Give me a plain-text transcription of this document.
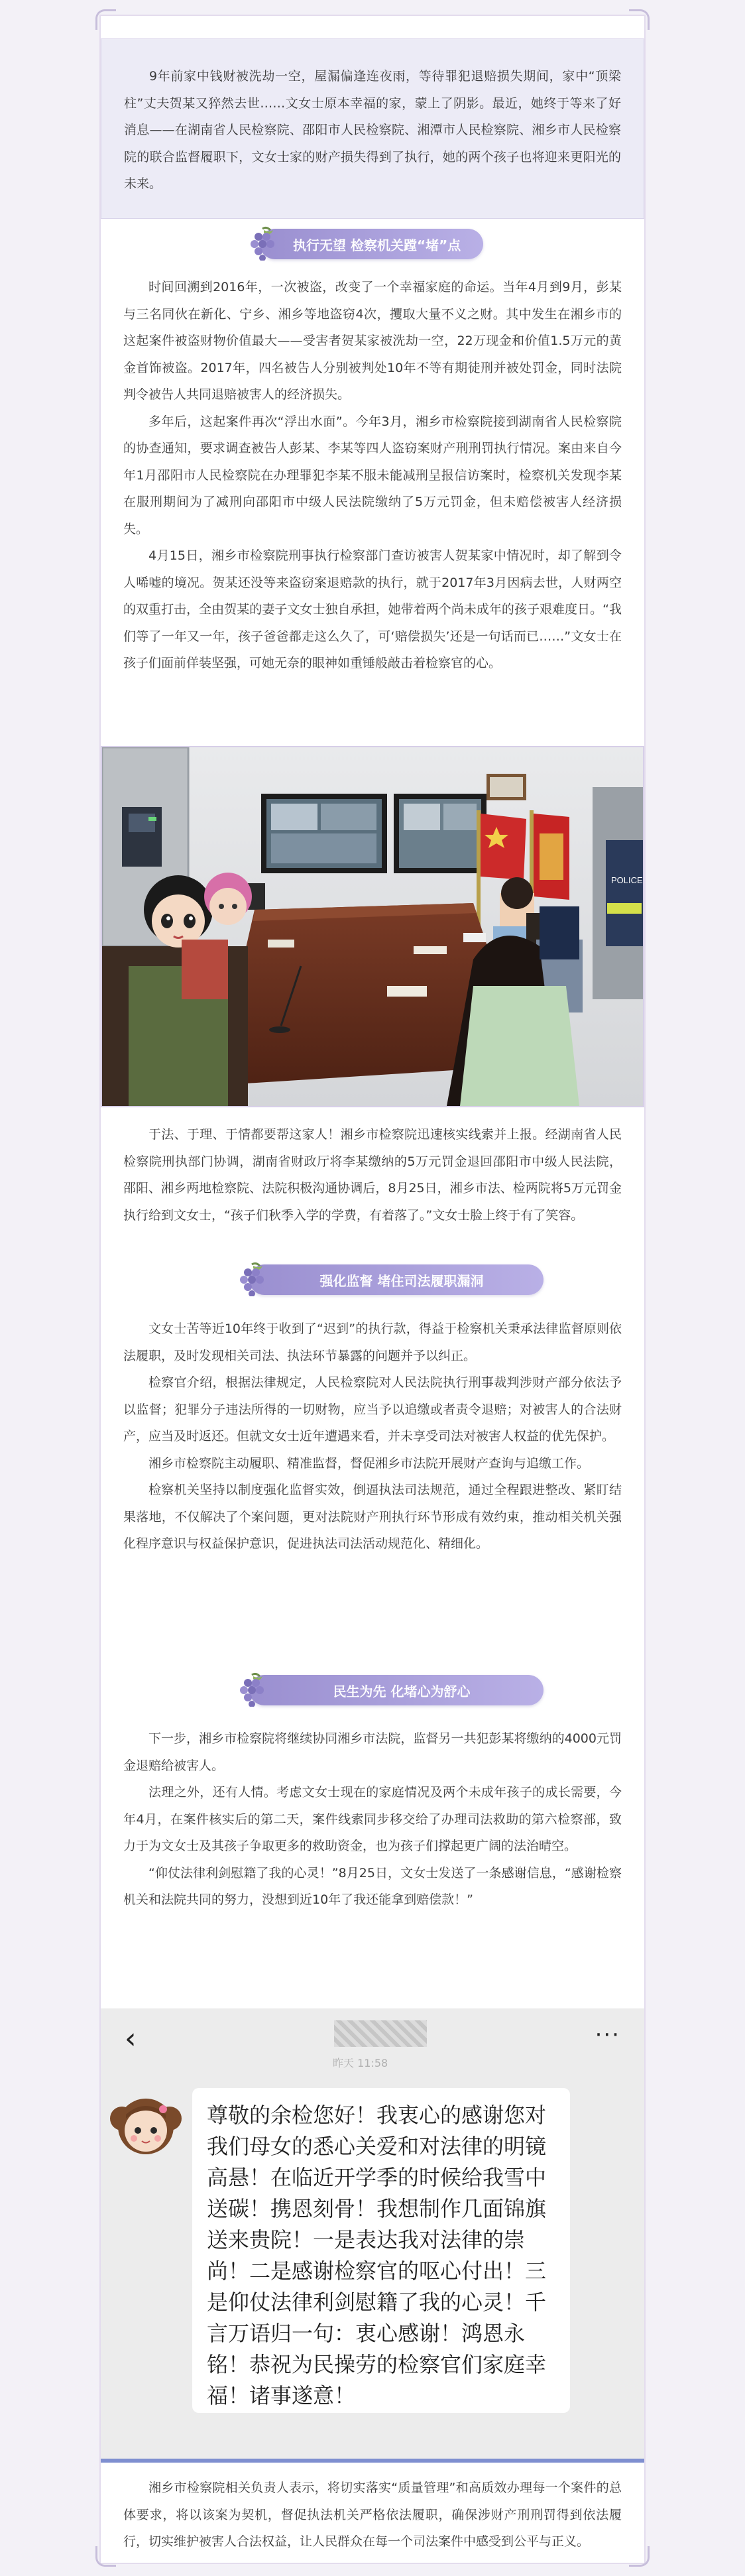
9年前家中钱财被洗劫一空，屋漏偏逢连夜雨，等待罪犯退赔损失期间，家中“顶梁柱”丈夫贺某又猝然去世……文女士原本幸福的家，蒙上了阴影。最近，她终于等来了好消息——在湖南省人民检察院、邵阳市人民检察院、湘潭市人民检察院、湘乡市人民检察院的联合监督履职下，文女士家的财产损失得到了执行，她的两个孩子也将迎来更阳光的未来。

执行无望 检察机关蹚“堵”点

时间回溯到2016年，一次被盗，改变了一个幸福家庭的命运。当年4月到9月，彭某与三名同伙在新化、宁乡、湘乡等地盗窃4次，攫取大量不义之财。其中发生在湘乡市的这起案件被盗财物价值最大——受害者贺某家被洗劫一空，22万现金和价值1.5万元的黄金首饰被盗。2017年，四名被告人分别被判处10年不等有期徒刑并被处罚金，同时法院判令被告人共同退赔被害人的经济损失。

多年后，这起案件再次“浮出水面”。今年3月，湘乡市检察院接到湖南省人民检察院的协查通知，要求调查被告人彭某、李某等四人盗窃案财产刑刑罚执行情况。案由来自今年1月邵阳市人民检察院在办理罪犯李某不服未能减刑呈报信访案时，检察机关发现李某在服刑期间为了减刑向邵阳市中级人民法院缴纳了5万元罚金，但未赔偿被害人经济损失。

4月15日，湘乡市检察院刑事执行检察部门查访被害人贺某家中情况时，却了解到令人唏嘘的境况。贺某还没等来盗窃案退赔款的执行，就于2017年3月因病去世，人财两空的双重打击，全由贺某的妻子文女士独自承担，她带着两个尚未成年的孩子艰难度日。“我们等了一年又一年，孩子爸爸都走这么久了，可‘赔偿损失’还是一句话而已……”文女士在孩子们面前佯装坚强，可她无奈的眼神如重锤般敲击着检察官的心。

POLICE

于法、于理、于情都要帮这家人！湘乡市检察院迅速核实线索并上报。经湖南省人民检察院刑执部门协调，湖南省财政厅将李某缴纳的5万元罚金退回邵阳市中级人民法院，邵阳、湘乡两地检察院、法院积极沟通协调后，8月25日，湘乡市法、检两院将5万元罚金执行给到文女士，“孩子们秋季入学的学费，有着落了。”文女士脸上终于有了笑容。

强化监督 堵住司法履职漏洞

文女士苦等近10年终于收到了“迟到”的执行款，得益于检察机关秉承法律监督原则依法履职，及时发现相关司法、执法环节暴露的问题并予以纠正。

检察官介绍，根据法律规定，人民检察院对人民法院执行刑事裁判涉财产部分依法予以监督；犯罪分子违法所得的一切财物，应当予以追缴或者责令退赔；对被害人的合法财产，应当及时返还。但就文女士近年遭遇来看，并未享受司法对被害人权益的优先保护。

湘乡市检察院主动履职、精准监督，督促湘乡市法院开展财产查询与追缴工作。

检察机关坚持以制度强化监督实效，倒逼执法司法规范，通过全程跟进整改、紧盯结果落地，不仅解决了个案问题，更对法院财产刑执行环节形成有效约束，推动相关机关强化程序意识与权益保护意识，促进执法司法活动规范化、精细化。

民生为先 化堵心为舒心

下一步，湘乡市检察院将继续协同湘乡市法院，监督另一共犯彭某将缴纳的4000元罚金退赔给被害人。

法理之外，还有人情。考虑文女士现在的家庭情况及两个未成年孩子的成长需要，今年4月，在案件核实后的第二天，案件线索同步移交给了办理司法救助的第六检察部，致力于为文女士及其孩子争取更多的救助资金，也为孩子们撑起更广阔的法治晴空。

“仰仗法律利剑慰籍了我的心灵！”8月25日，文女士发送了一条感谢信息，“感谢检察机关和法院共同的努力，没想到近10年了我还能拿到赔偿款！”

‹	···
昨天 11:58
尊敬的余检您好！我衷心的感谢您对我们母女的悉心关爱和对法律的明镜高悬！在临近开学季的时候给我雪中送碳！携恩刻骨！我想制作几面锦旗送来贵院！一是表达我对法律的崇尚！二是感谢检察官的呕心付出！三是仰仗法律利剑慰籍了我的心灵！千言万语归一句：衷心感谢！鸿恩永铭！恭祝为民操劳的检察官们家庭幸福！诸事遂意！

湘乡市检察院相关负责人表示，将切实落实“质量管理”和高质效办理每一个案件的总体要求，将以该案为契机，督促执法机关严格依法履职，确保涉财产刑刑罚得到依法履行，切实维护被害人合法权益，让人民群众在每一个司法案件中感受到公平与正义。
